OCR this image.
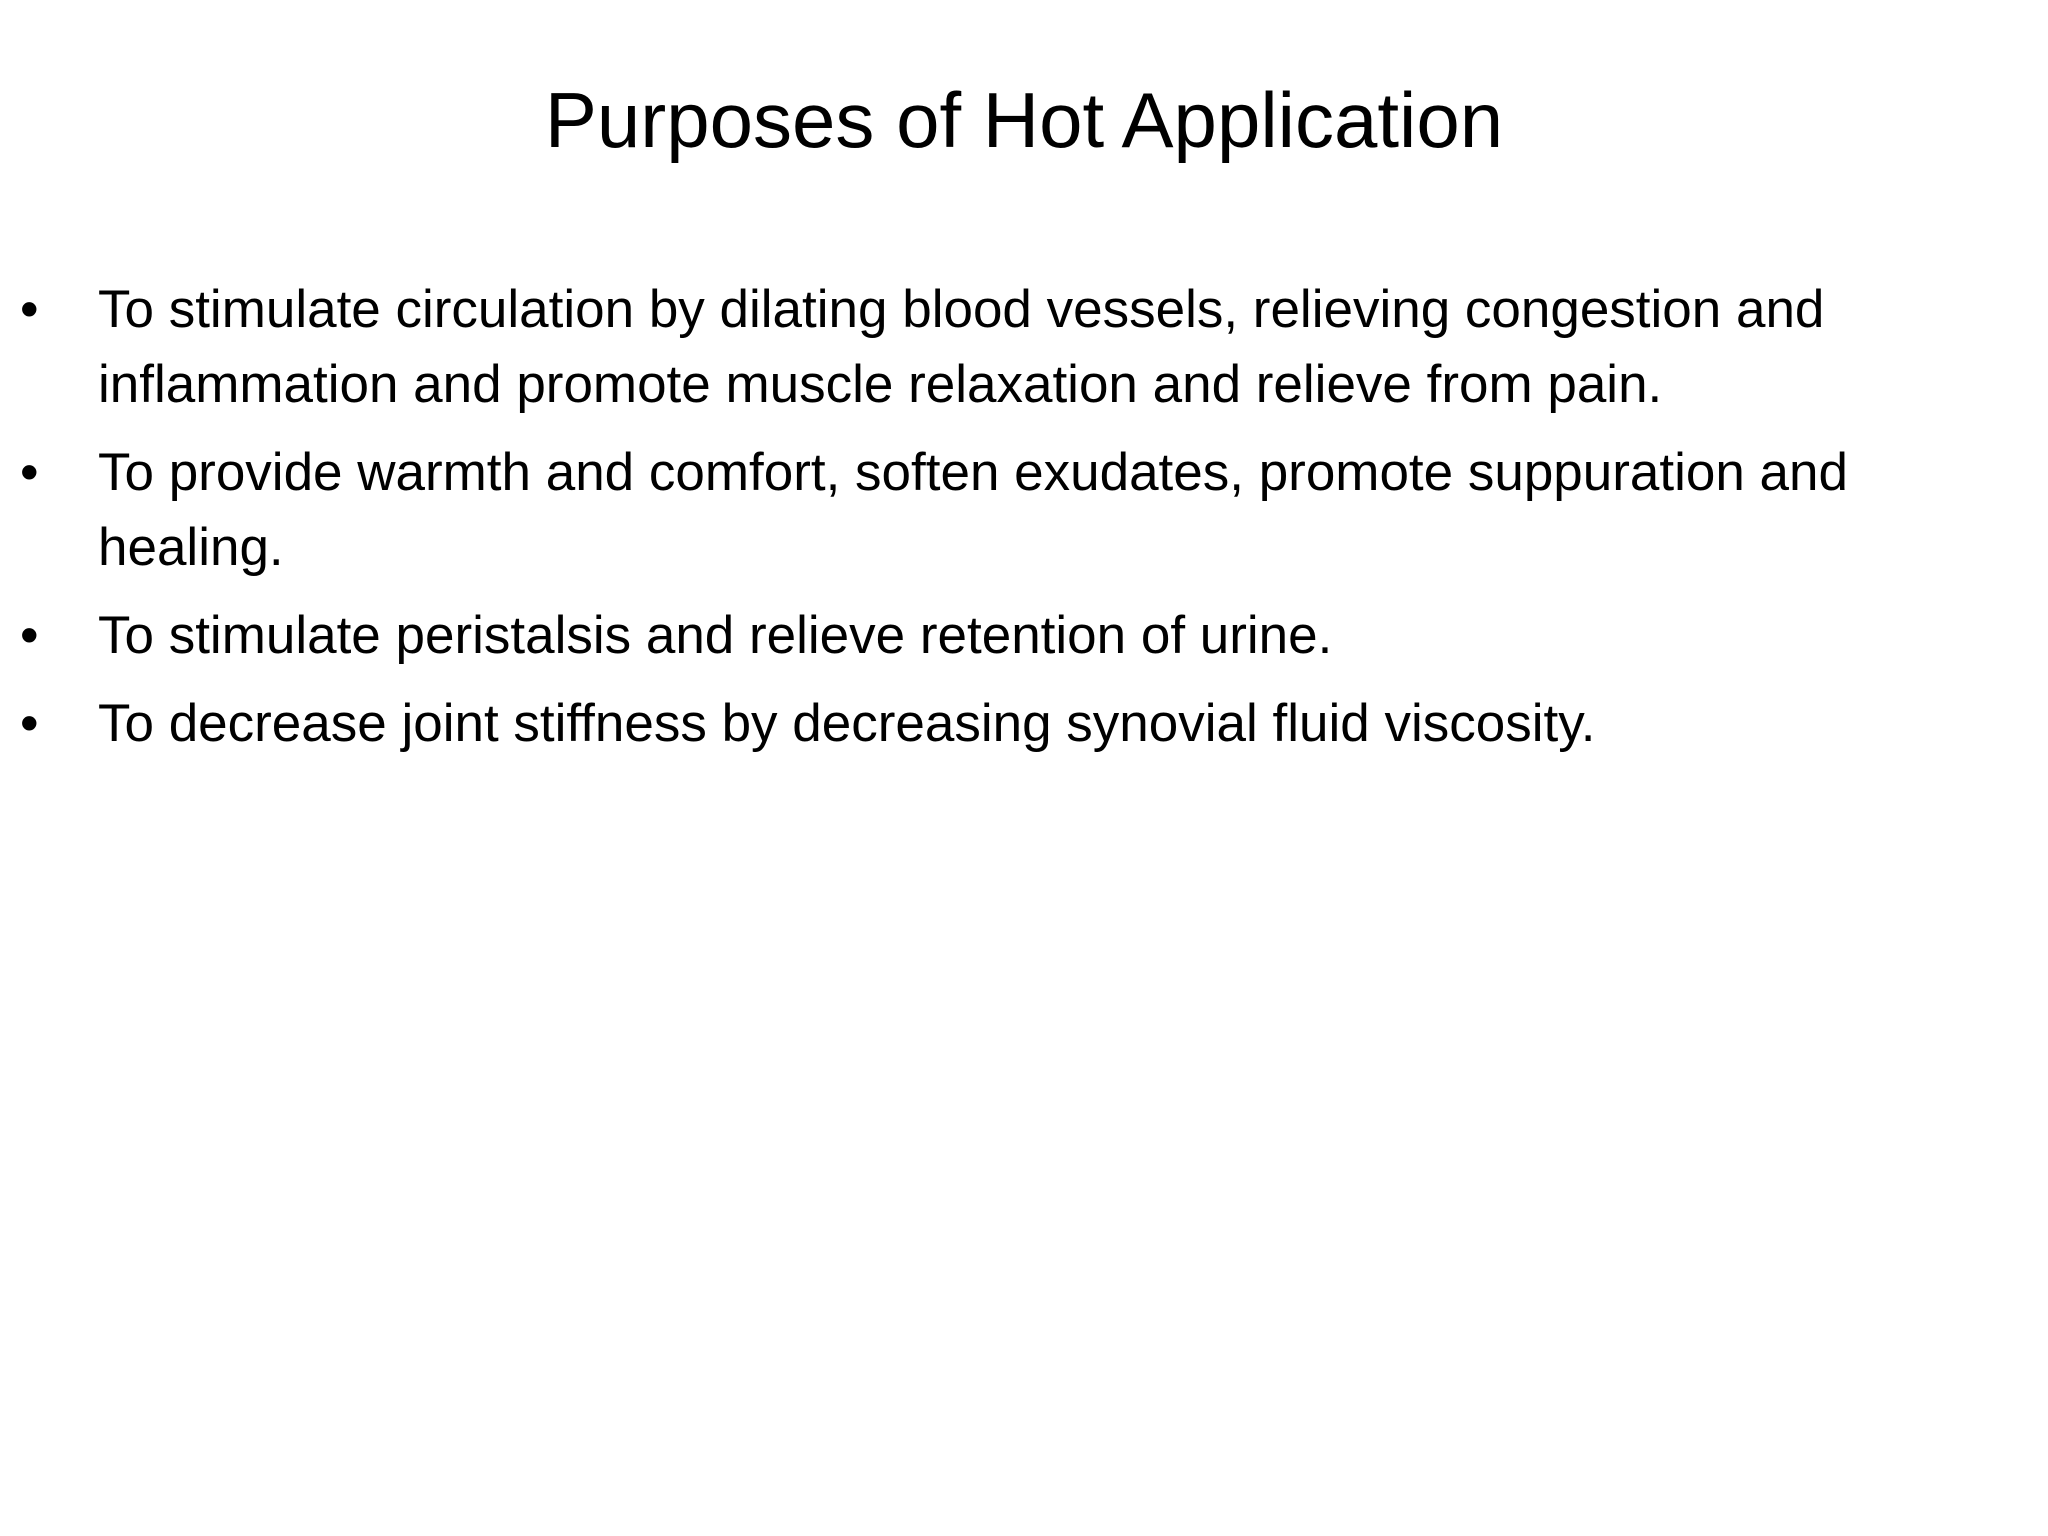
Purposes of Hot Application
•	To stimulate circulation by dilating blood vessels, relieving congestion and inflammation and promote muscle relaxation and relieve from pain.
•	To provide warmth and comfort, soften exudates, promote suppuration and healing.
•	To stimulate peristalsis and relieve retention of urine.
•	To decrease joint stiffness by decreasing synovial fluid viscosity.
